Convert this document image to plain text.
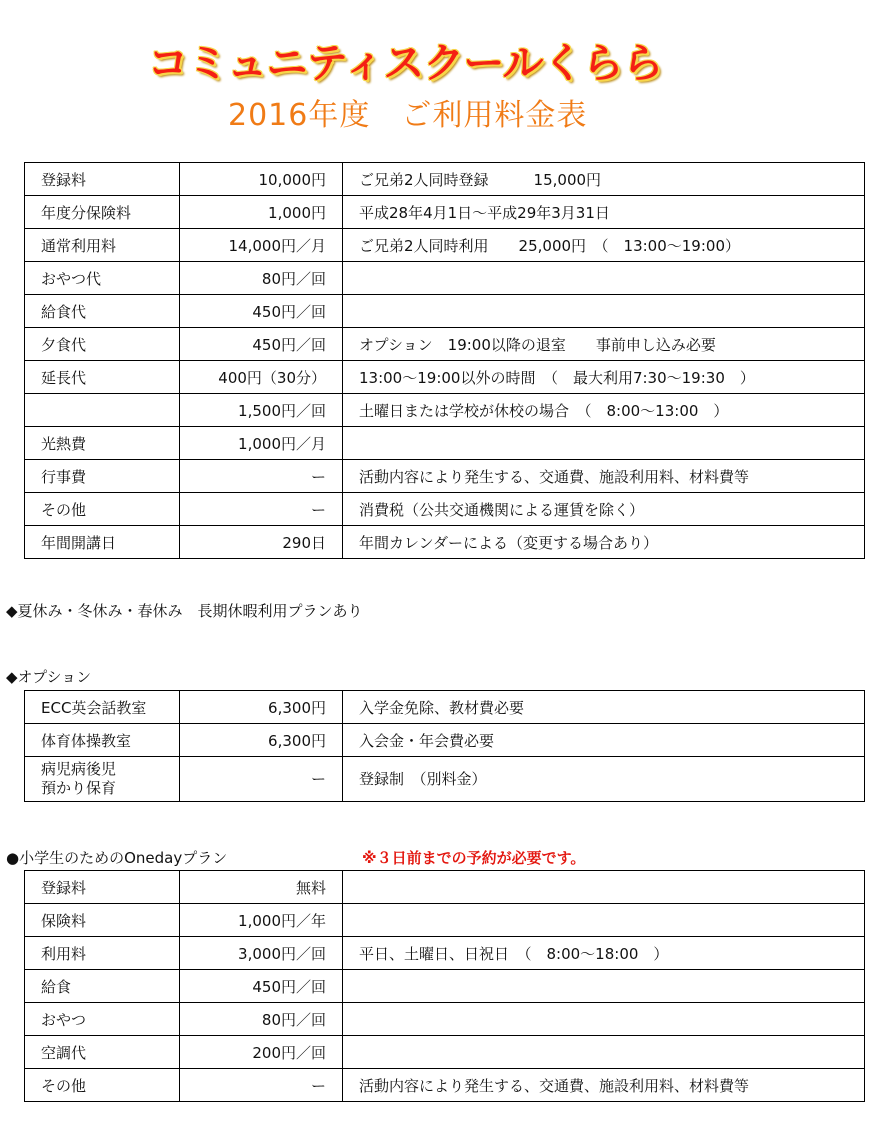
コミュニティスクールくらら
2016年度　ご利用料金表
登録料	10,000円	ご兄弟2人同時登録　　　15,000円
年度分保険料	1,000円	平成28年4月1日～平成29年3月31日
通常利用料	14,000円／月	ご兄弟2人同時利用　　25,000円　（　13:00～19:00）
おやつ代	80円／回	
給食代	450円／回	
夕食代	450円／回	オプション　19:00以降の退室　　事前申し込み必要
延長代	400円（30分）	13:00～19:00以外の時間　（　最大利用7:30～19:30　）
	1,500円／回	土曜日または学校が休校の場合　（　8:00～13:00　）
光熱費	1,000円／月	
行事費	ー	活動内容により発生する、交通費、施設利用料、材料費等
その他	ー	消費税（公共交通機関による運賃を除く）
年間開講日	290日	年間カレンダーによる（変更する場合あり）
◆夏休み・冬休み・春休み　長期休暇利用プランあり
◆オプション
ECC英会話教室	6,300円	入学金免除、教材費必要
体育体操教室	6,300円	入会金・年会費必要
病児病後児
預かり保育	ー	登録制　（別料金）
●小学生のためのOnedayプラン	※３日前までの予約が必要です。
登録料	無料	
保険料	1,000円／年	
利用料	3,000円／回	平日、土曜日、日祝日　（　8:00～18:00　）
給食	450円／回	
おやつ	80円／回	
空調代	200円／回	
その他	ー	活動内容により発生する、交通費、施設利用料、材料費等
